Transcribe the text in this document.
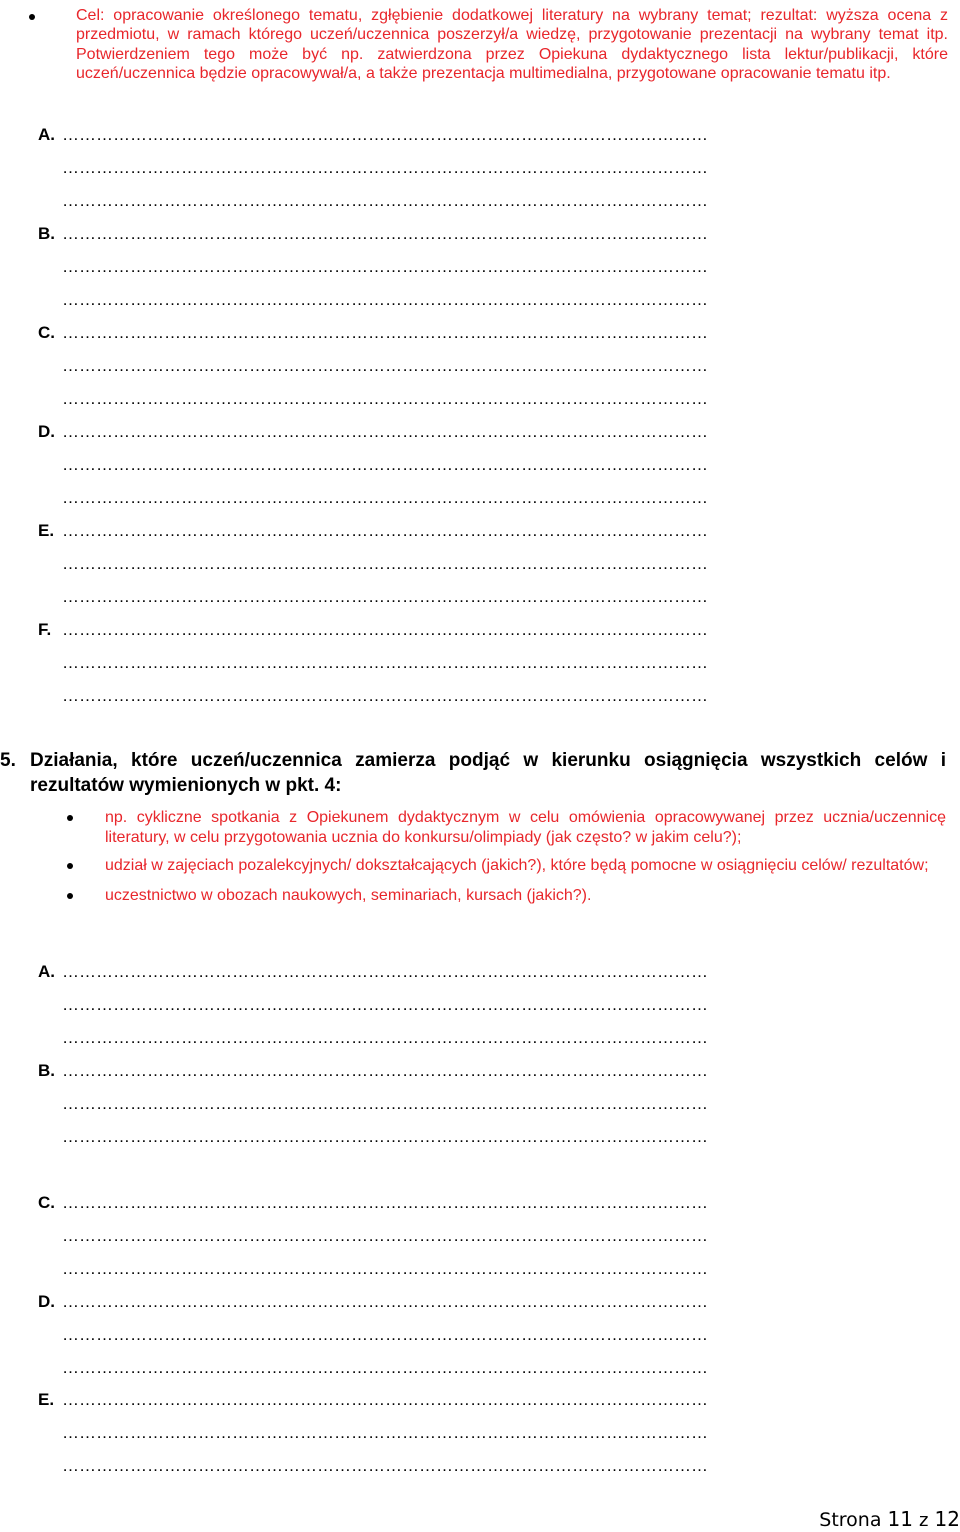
Cel: opracowanie określonego tematu, zgłębienie dodatkowej literatury na wybrany temat; rezultat: wyższa ocena z przedmiotu, w ramach którego uczeń/uczennica poszerzył/a wiedzę, przygotowanie prezentacji na wybrany temat itp. Potwierdzeniem tego może być np. zatwierdzona przez Opiekuna dydaktycznego lista lektur/publikacji, które uczeń/uczennica będzie opracowywał/a, a także prezentacja multimedialna, przygotowane opracowanie tematu itp.
A. ……………………………………………………………………………………………………
……………………………………………………………………………………………………
……………………………………………………………………………………………………
B. ……………………………………………………………………………………………………
……………………………………………………………………………………………………
……………………………………………………………………………………………………
C. ……………………………………………………………………………………………………
……………………………………………………………………………………………………
……………………………………………………………………………………………………
D. ……………………………………………………………………………………………………
……………………………………………………………………………………………………
……………………………………………………………………………………………………
E. ……………………………………………………………………………………………………
……………………………………………………………………………………………………
……………………………………………………………………………………………………
F. ……………………………………………………………………………………………………
……………………………………………………………………………………………………
……………………………………………………………………………………………………
5. Działania, które uczeń/uczennica zamierza podjąć w kierunku osiągnięcia wszystkich celów i rezultatów wymienionych w pkt. 4:
np. cykliczne spotkania z Opiekunem dydaktycznym w celu omówienia opracowywanej przez ucznia/uczennicę literatury, w celu przygotowania ucznia do konkursu/olimpiady (jak często? w jakim celu?);
udział w zajęciach pozalekcyjnych/ dokształcających (jakich?), które będą pomocne w osiągnięciu celów/ rezultatów;
uczestnictwo w obozach naukowych, seminariach, kursach (jakich?).
A. ……………………………………………………………………………………………………
……………………………………………………………………………………………………
……………………………………………………………………………………………………
B. ……………………………………………………………………………………………………
……………………………………………………………………………………………………
……………………………………………………………………………………………………
C. ……………………………………………………………………………………………………
……………………………………………………………………………………………………
……………………………………………………………………………………………………
D. ……………………………………………………………………………………………………
……………………………………………………………………………………………………
……………………………………………………………………………………………………
E. ……………………………………………………………………………………………………
……………………………………………………………………………………………………
……………………………………………………………………………………………………
Strona 11 z 12
